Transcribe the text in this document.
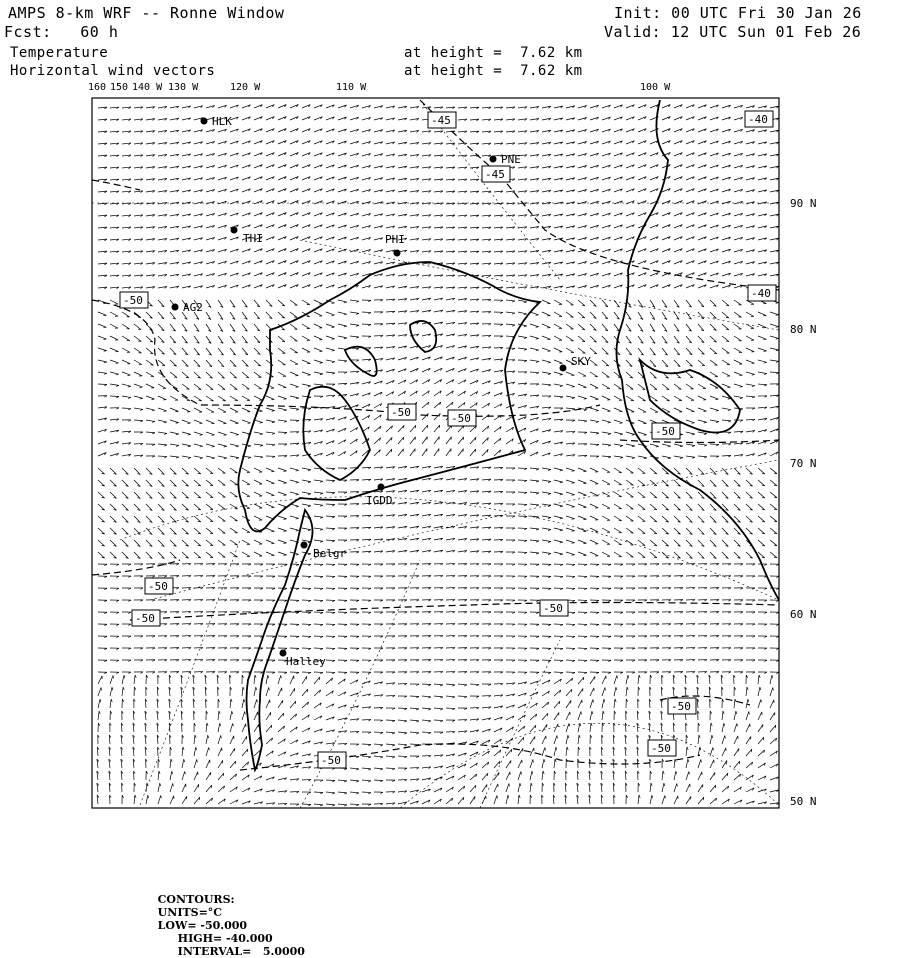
AMPS 8-km WRF -- Ronne Window
Fcst:   60 h
Temperature
Horizontal wind vectors
at height =  7.62 km
at height =  7.62 km
Init: 00 UTC Fri 30 Jan 26
Valid: 12 UTC Sun 01 Feb 26
-45
-45
-40
-40
-50
-50	-50
-50
-50
-50
-50
-50
-50
-50
HLK
PNE
THI	PHI
AG2
SKY
IGDD
Belgr
Halley
160 150 140 W 130 W	120 W	110 W	100 W
90 N
80 N
70 N
60 N
50 N

CONTOURS:
UNITS=°C
LOW= -50.000
HIGH= -40.000
INTERVAL=   5.0000
